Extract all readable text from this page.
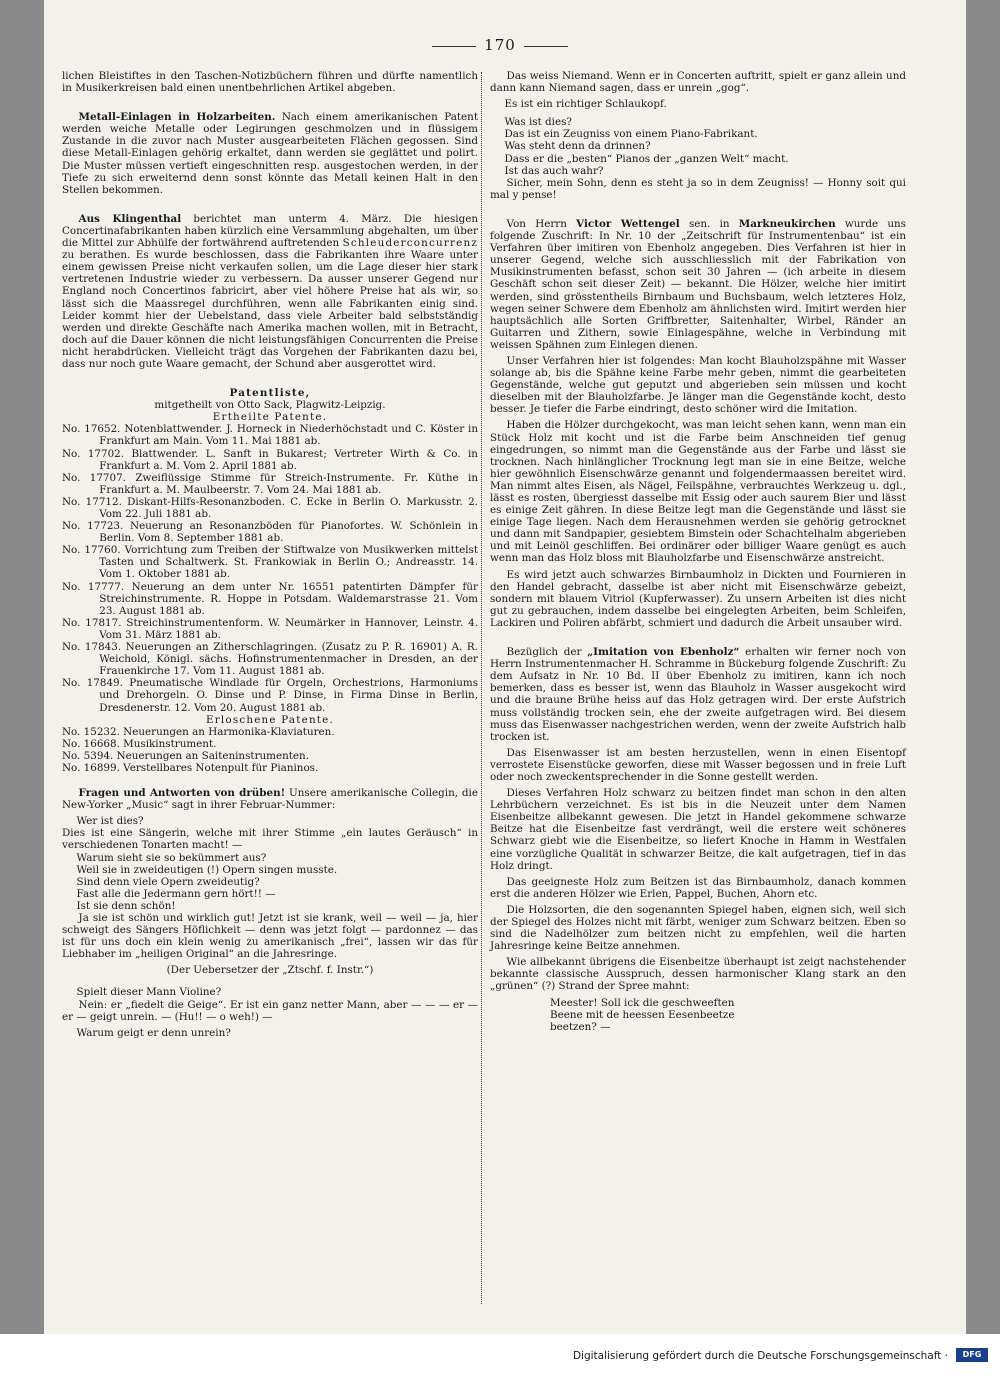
170

lichen Bleistiftes in den Taschen-Notizbüchern führen und dürfte namentlich in Musikerkreisen bald einen unentbehrlichen Artikel abgeben.

Metall-Einlagen in Holzarbeiten. Nach einem amerikanischen Patent werden weiche Metalle oder Legirungen geschmolzen und in flüssigem Zustande in die zuvor nach Muster ausgearbeiteten Flächen gegossen. Sind diese Metall-Einlagen gehörig erkaltet, dann werden sie geglättet und polirt. Die Muster müssen vertieft eingeschnitten resp. ausgestochen werden, in der Tiefe zu sich erweiternd denn sonst könnte das Metall keinen Halt in den Stellen bekommen.

Aus Klingenthal berichtet man unterm 4. März. Die hiesigen Concertinafabrikanten haben kürzlich eine Versammlung abgehalten, um über die Mittel zur Abhülfe der fortwährend auftretenden Schleuderconcurrenz zu berathen. Es wurde beschlossen, dass die Fabrikanten ihre Waare unter einem gewissen Preise nicht verkaufen sollen, um die Lage dieser hier stark vertretenen Industrie wieder zu verbessern. Da ausser unserer Gegend nur England noch Concertinos fabricirt, aber viel höhere Preise hat als wir, so lässt sich die Maassregel durchführen, wenn alle Fabrikanten einig sind. Leider kommt hier der Uebelstand, dass viele Arbeiter bald selbstständig werden und direkte Geschäfte nach Amerika machen wollen, mit in Betracht, doch auf die Dauer können die nicht leistungsfähigen Concurrenten die Preise nicht herabdrücken. Vielleicht trägt das Vorgehen der Fabrikanten dazu bei, dass nur noch gute Waare gemacht, der Schund aber ausgerottet wird.

Patentliste,

mitgetheilt von Otto Sack, Plagwitz-Leipzig.

Ertheilte Patente.

No. 17652. Notenblattwender. J. Horneck in Niederhöchstadt und C. Köster in Frankfurt am Main. Vom 11. Mai 1881 ab.

No. 17702. Blattwender. L. Sanft in Bukarest; Vertreter Wirth & Co. in Frankfurt a. M. Vom 2. April 1881 ab.

No. 17707. Zweiflüssige Stimme für Streich-Instrumente. Fr. Küthe in Frankfurt a. M. Maulbeerstr. 7. Vom 24. Mai 1881 ab.

No. 17712. Diskant-Hilfs-Resonanzboden. C. Ecke in Berlin O. Markusstr. 2. Vom 22. Juli 1881 ab.

No. 17723. Neuerung an Resonanzböden für Pianofortes. W. Schönlein in Berlin. Vom 8. September 1881 ab.

No. 17760. Vorrichtung zum Treiben der Stiftwalze von Musikwerken mittelst Tasten und Schaltwerk. St. Frankowiak in Berlin O.; Andreasstr. 14. Vom 1. Oktober 1881 ab.

No. 17777. Neuerung an dem unter Nr. 16551 patentirten Dämpfer für Streichinstrumente. R. Hoppe in Potsdam. Waldemarstrasse 21. Vom 23. August 1881 ab.

No. 17817. Streichinstrumentenform. W. Neumärker in Hannover, Leinstr. 4. Vom 31. März 1881 ab.

No. 17843. Neuerungen an Zitherschlagringen. (Zusatz zu P. R. 16901) A. R. Weichold, Königl. sächs. Hofinstrumentenmacher in Dresden, an der Frauenkirche 17. Vom 11. August 1881 ab.

No. 17849. Pneumatische Windlade für Orgeln, Orchestrions, Harmoniums und Drehorgeln. O. Dinse und P. Dinse, in Firma Dinse in Berlin, Dresdenerstr. 12. Vom 20. August 1881 ab.

Erloschene Patente.

No. 15232. Neuerungen an Harmonika-Klaviaturen.

No. 16668. Musikinstrument.

No. 5394. Neuerungen an Saiteninstrumenten.

No. 16899. Verstellbares Notenpult für Pianinos.

Fragen und Antworten von drüben! Unsere amerikanische Collegin, die New-Yorker „Music“ sagt in ihrer Februar-Nummer:

Wer ist dies?

Dies ist eine Sängerin, welche mit ihrer Stimme „ein lautes Geräusch“ in verschiedenen Tonarten macht! —

Warum sieht sie so bekümmert aus?

Weil sie in zweideutigen (!) Opern singen musste.

Sind denn viele Opern zweideutig?

Fast alle die Jedermann gern hört!! —

Ist sie denn schön!

Ja sie ist schön und wirklich gut! Jetzt ist sie krank, weil — weil — ja, hier schweigt des Sängers Höflichkeit — denn was jetzt folgt — pardonnez — das ist für uns doch ein klein wenig zu amerikanisch „frei“, lassen wir das für Liebhaber im „heiligen Original“ an die Jahresringe.

(Der Uebersetzer der „Ztschf. f. Instr.“)

Spielt dieser Mann Violine?

Nein: er „fiedelt die Geige“. Er ist ein ganz netter Mann, aber — — — er — er — geigt unrein. — (Hu!! — o weh!) —

Warum geigt er denn unrein?

Das weiss Niemand. Wenn er in Concerten auftritt, spielt er ganz allein und dann kann Niemand sagen, dass er unrein „gog“.

Es ist ein richtiger Schlaukopf.

Was ist dies?

Das ist ein Zeugniss von einem Piano-Fabrikant.

Was steht denn da drinnen?

Dass er die „besten“ Pianos der „ganzen Welt“ macht.

Ist das auch wahr?

Sicher, mein Sohn, denn es steht ja so in dem Zeugniss! — Honny soit qui mal y pense!

Von Herrn Victor Wettengel sen. in Markneukirchen wurde uns folgende Zuschrift: In Nr. 10 der „Zeitschrift für Instrumentenbau“ ist ein Verfahren über imitiren von Ebenholz angegeben. Dies Verfahren ist hier in unserer Gegend, welche sich ausschliesslich mit der Fabrikation von Musikinstrumenten befasst, schon seit 30 Jahren — (ich arbeite in diesem Geschäft schon seit dieser Zeit) — bekannt. Die Hölzer, welche hier imitirt werden, sind grösstentheils Birnbaum und Buchsbaum, welch letzteres Holz, wegen seiner Schwere dem Ebenholz am ähnlichsten wird. Imitirt werden hier hauptsächlich alle Sorten Griffbretter, Saitenhalter, Wirbel, Ränder an Guitarren und Zithern, sowie Einlagespähne, welche in Verbindung mit weissen Spähnen zum Einlegen dienen.

Unser Verfahren hier ist folgendes: Man kocht Blauholzspähne mit Wasser solange ab, bis die Spähne keine Farbe mehr geben, nimmt die gearbeiteten Gegenstände, welche gut geputzt und abgerieben sein müssen und kocht dieselben mit der Blauholzfarbe. Je länger man die Gegenstände kocht, desto besser. Je tiefer die Farbe eindringt, desto schöner wird die Imitation.

Haben die Hölzer durchgekocht, was man leicht sehen kann, wenn man ein Stück Holz mit kocht und ist die Farbe beim Anschneiden tief genug eingedrungen, so nimmt man die Gegenstände aus der Farbe und lässt sie trocknen. Nach hinlänglicher Trocknung legt man sie in eine Beitze, welche hier gewöhnlich Eisenschwärze genannt und folgendermaassen bereitet wird. Man nimmt altes Eisen, als Nägel, Feilspähne, verbrauchtes Werkzeug u. dgl., lässt es rosten, übergiesst dasselbe mit Essig oder auch saurem Bier und lässt es einige Zeit gähren. In diese Beitze legt man die Gegenstände und lässt sie einige Tage liegen. Nach dem Herausnehmen werden sie gehörig getrocknet und dann mit Sandpapier, gesiebtem Bimstein oder Schachtelhalm abgerieben und mit Leinöl geschliffen. Bei ordinärer oder billiger Waare genügt es auch wenn man das Holz bloss mit Blauholzfarbe und Eisenschwärze anstreicht.

Es wird jetzt auch schwarzes Birnbaumholz in Dickten und Fournieren in den Handel gebracht, dasselbe ist aber nicht mit Eisenschwärze gebeizt, sondern mit blauem Vitriol (Kupferwasser). Zu unsern Arbeiten ist dies nicht gut zu gebrauchen, indem dasselbe bei eingelegten Arbeiten, beim Schleifen, Lackiren und Poliren abfärbt, schmiert und dadurch die Arbeit unsauber wird.

Bezüglich der „Imitation von Ebenholz“ erhalten wir ferner noch von Herrn Instrumentenmacher H. Schramme in Bückeburg folgende Zuschrift: Zu dem Aufsatz in Nr. 10 Bd. II über Ebenholz zu imitiren, kann ich noch bemerken, dass es besser ist, wenn das Blauholz in Wasser ausgekocht wird und die braune Brühe heiss auf das Holz getragen wird. Der erste Aufstrich muss vollständig trocken sein, ehe der zweite aufgetragen wird. Bei diesem muss das Eisenwasser nachgestrichen werden, wenn der zweite Aufstrich halb trocken ist.

Das Eisenwasser ist am besten herzustellen, wenn in einen Eisentopf verrostete Eisenstücke geworfen, diese mit Wasser begossen und in freie Luft oder noch zweckentsprechender in die Sonne gestellt werden.

Dieses Verfahren Holz schwarz zu beitzen findet man schon in den alten Lehrbüchern verzeichnet. Es ist bis in die Neuzeit unter dem Namen Eisenbeitze allbekannt gewesen. Die jetzt in Handel gekommene schwarze Beitze hat die Eisenbeitze fast verdrängt, weil die erstere weit schöneres Schwarz giebt wie die Eisenbeitze, so liefert Knoche in Hamm in Westfalen eine vorzügliche Qualität in schwarzer Beitze, die kalt aufgetragen, tief in das Holz dringt.

Das geeigneste Holz zum Beitzen ist das Birnbaumholz, danach kommen erst die anderen Hölzer wie Erlen, Pappel, Buchen, Ahorn etc.

Die Holzsorten, die den sogenannten Spiegel haben, eignen sich, weil sich der Spiegel des Holzes nicht mit färbt, weniger zum Schwarz beitzen. Eben so sind die Nadelhölzer zum beitzen nicht zu empfehlen, weil die harten Jahresringe keine Beitze annehmen.

Wie allbekannt übrigens die Eisenbeitze überhaupt ist zeigt nachstehender bekannte classische Ausspruch, dessen harmonischer Klang stark an den „grünen“ (?) Strand der Spree mahnt:

Meester! Soll ick die geschweeften

Beene mit de heessen Eesenbeetze

beetzen? —

Digitalisierung gefördert durch die Deutsche Forschungsgemeinschaft ·	DFG
